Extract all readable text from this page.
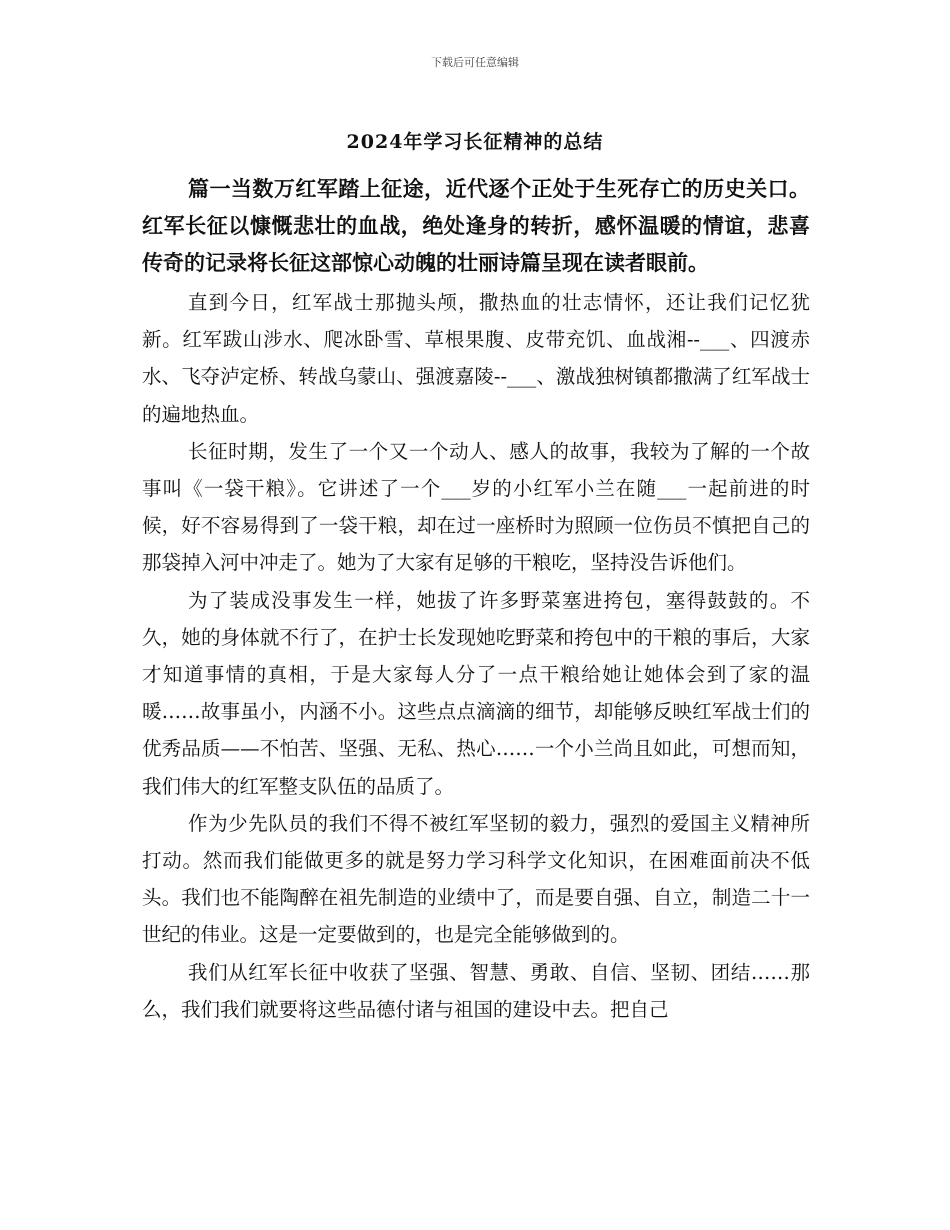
下载后可任意编辑
2024年学习长征精神的总结

篇一当数万红军踏上征途，近代逐个正处于生死存亡的历史关口。红军长征以慷慨悲壮的血战，绝处逢身的转折，感怀温暖的情谊，悲喜传奇的记录将长征这部惊心动魄的壮丽诗篇呈现在读者眼前。

直到今日，红军战士那抛头颅，撒热血的壮志情怀，还让我们记忆犹新。红军跋山涉水、爬冰卧雪、草根果腹、皮带充饥、血战湘--___、四渡赤水、飞夺泸定桥、转战乌蒙山、强渡嘉陵--___、激战独树镇都撒满了红军战士的遍地热血。

长征时期，发生了一个又一个动人、感人的故事，我较为了解的一个故事叫《一袋干粮》。它讲述了一个___岁的小红军小兰在随___一起前进的时候，好不容易得到了一袋干粮，却在过一座桥时为照顾一位伤员不慎把自己的那袋掉入河中冲走了。她为了大家有足够的干粮吃，坚持没告诉他们。

为了装成没事发生一样，她拔了许多野菜塞进挎包，塞得鼓鼓的。不久，她的身体就不行了，在护士长发现她吃野菜和挎包中的干粮的事后，大家才知道事情的真相，于是大家每人分了一点干粮给她让她体会到了家的温暖……故事虽小，内涵不小。这些点点滴滴的细节，却能够反映红军战士们的优秀品质——不怕苦、坚强、无私、热心……一个小兰尚且如此，可想而知，我们伟大的红军整支队伍的品质了。

作为少先队员的我们不得不被红军坚韧的毅力，强烈的爱国主义精神所打动。然而我们能做更多的就是努力学习科学文化知识，在困难面前决不低头。我们也不能陶醉在祖先制造的业绩中了，而是要自强、自立，制造二十一世纪的伟业。这是一定要做到的，也是完全能够做到的。

我们从红军长征中收获了坚强、智慧、勇敢、自信、坚韧、团结……那么，我们我们就要将这些品德付诸与祖国的建设中去。把自己
